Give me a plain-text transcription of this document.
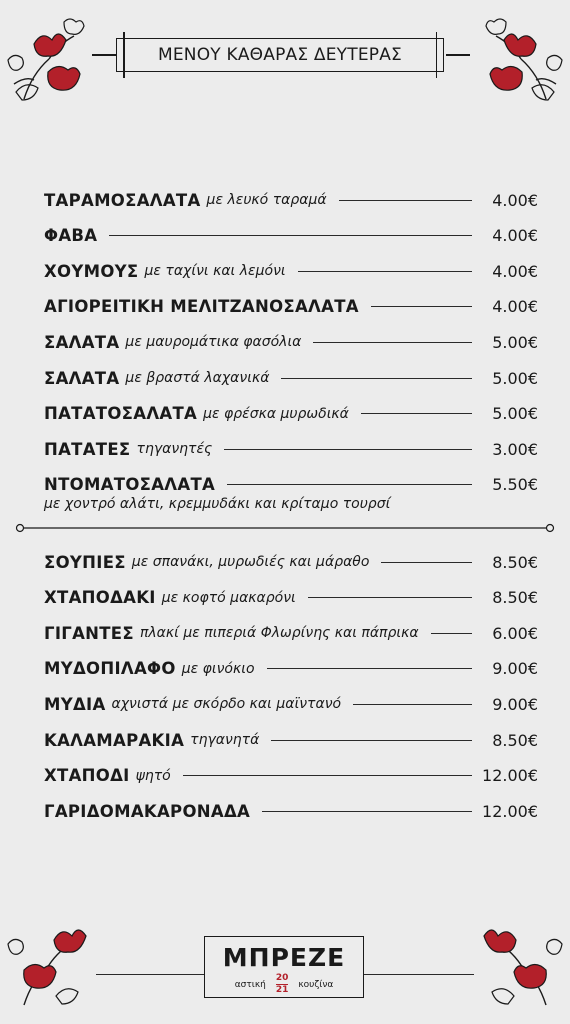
ΜΕΝΟΥ ΚΑΘΑΡΑΣ ΔΕΥΤΕΡΑΣ
ΤΑΡΑΜΟΣΑΛΑΤΑ με λευκό ταραμά	4.00€
ΦΑΒΑ	4.00€
ΧΟΥΜΟΥΣ με ταχίνι και λεμόνι	4.00€
ΑΓΙΟΡΕΙΤΙΚΗ ΜΕΛΙΤΖΑΝΟΣΑΛΑΤΑ	4.00€
ΣΑΛΑΤΑ με μαυρομάτικα φασόλια	5.00€
ΣΑΛΑΤΑ με βραστά λαχανικά	5.00€
ΠΑΤΑΤΟΣΑΛΑΤΑ με φρέσκα μυρωδικά	5.00€
ΠΑΤΑΤΕΣ τηγανητές	3.00€
ΝΤΟΜΑΤΟΣΑΛΑΤΑ	5.50€
με χοντρό αλάτι, κρεμμυδάκι και κρίταμο τουρσί
ΣΟΥΠΙΕΣ με σπανάκι, μυρωδιές και μάραθο	8.50€
ΧΤΑΠΟΔΑΚΙ με κοφτό μακαρόνι	8.50€
ΓΙΓΑΝΤΕΣ πλακί με πιπεριά Φλωρίνης και πάπρικα	6.00€
ΜΥΔΟΠΙΛΑΦΟ με φινόκιο	9.00€
ΜΥΔΙΑ αχνιστά με σκόρδο και μαϊντανό	9.00€
ΚΑΛΑΜΑΡΑΚΙΑ τηγανητά	8.50€
ΧΤΑΠΟΔΙ ψητό	12.00€
ΓΑΡΙΔΟΜΑΚΑΡΟΝΑΔΑ	12.00€
ΜΠΡΕΖΕ
αστική
20
21
κουζίνα
